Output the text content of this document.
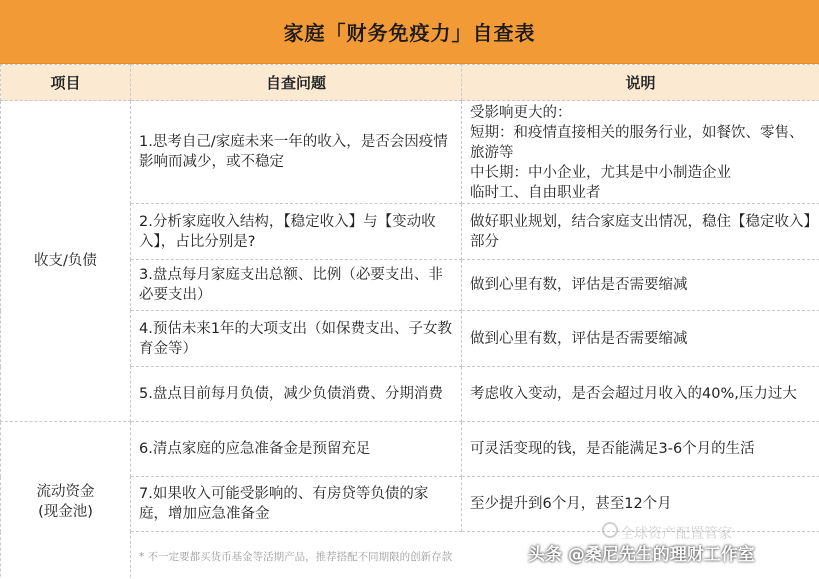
家庭「财务免疫力」自查表
项目	自查问题	说明
收支/负债	1.思考自己/家庭未来一年的收入，是否会因疫情影响而减少，或不稳定	受影响更大的：
短期：和疫情直接相关的服务行业，如餐饮、零售、旅游等
中长期：中小企业，尤其是中小制造企业
临时工、自由职业者

	2.分析家庭收入结构，【稳定收入】与【变动收入】，占比分别是?	做好职业规划，结合家庭支出情况，稳住【稳定收入】部分
	3.盘点每月家庭支出总额、比例（必要支出、非必要支出）	做到心里有数，评估是否需要缩减
	4.预估未来1年的大项支出（如保费支出、子女教育金等）	做到心里有数，评估是否需要缩减
	5.盘点目前每月负债，减少负债消费、分期消费	考虑收入变动，是否会超过月收入的40%,压力过大
流动资金
(现金池)	6.清点家庭的应急准备金是预留充足	可灵活变现的钱，是否能满足3-6个月的生活
	7.如果收入可能受影响的、有房贷等负债的家庭，增加应急准备金	至少提升到6个月，甚至12个月
	* 不一定要都买货币基金等活期产品，推荐搭配不同期限的创新存款	
全球资产配置管家
头条 @桑尼先生的理财工作室
